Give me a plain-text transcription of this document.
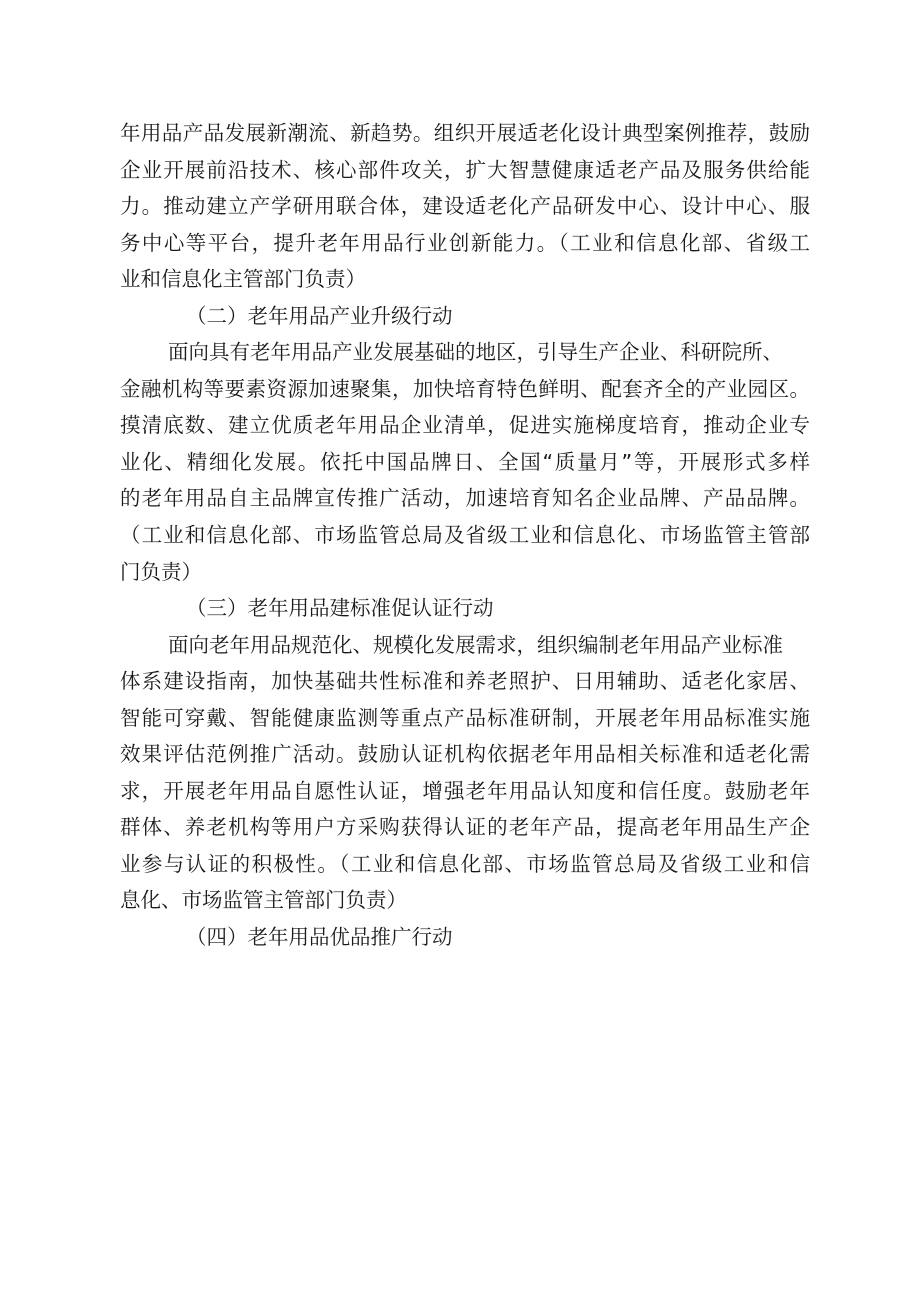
年用品产品发展新潮流、新趋势。组织开展适老化设计典型案例推荐，鼓励
企业开展前沿技术、核心部件攻关，扩大智慧健康适老产品及服务供给能
力。推动建立产学研用联合体，建设适老化产品研发中心、设计中心、服
务中心等平台，提升老年用品行业创新能力。（工业和信息化部、省级工
业和信息化主管部门负责）
（二）老年用品产业升级行动
面向具有老年用品产业发展基础的地区，引导生产企业、科研院所、
金融机构等要素资源加速聚集，加快培育特色鲜明、配套齐全的产业园区。
摸清底数、建立优质老年用品企业清单，促进实施梯度培育，推动企业专
业化、精细化发展。依托中国品牌日、全国“质量月”等，开展形式多样
的老年用品自主品牌宣传推广活动，加速培育知名企业品牌、产品品牌。
（工业和信息化部、市场监管总局及省级工业和信息化、市场监管主管部
门负责）
（三）老年用品建标准促认证行动
面向老年用品规范化、规模化发展需求，组织编制老年用品产业标准
体系建设指南，加快基础共性标准和养老照护、日用辅助、适老化家居、
智能可穿戴、智能健康监测等重点产品标准研制，开展老年用品标准实施
效果评估范例推广活动。鼓励认证机构依据老年用品相关标准和适老化需
求，开展老年用品自愿性认证，增强老年用品认知度和信任度。鼓励老年
群体、养老机构等用户方采购获得认证的老年产品，提高老年用品生产企
业参与认证的积极性。（工业和信息化部、市场监管总局及省级工业和信
息化、市场监管主管部门负责）
（四）老年用品优品推广行动
